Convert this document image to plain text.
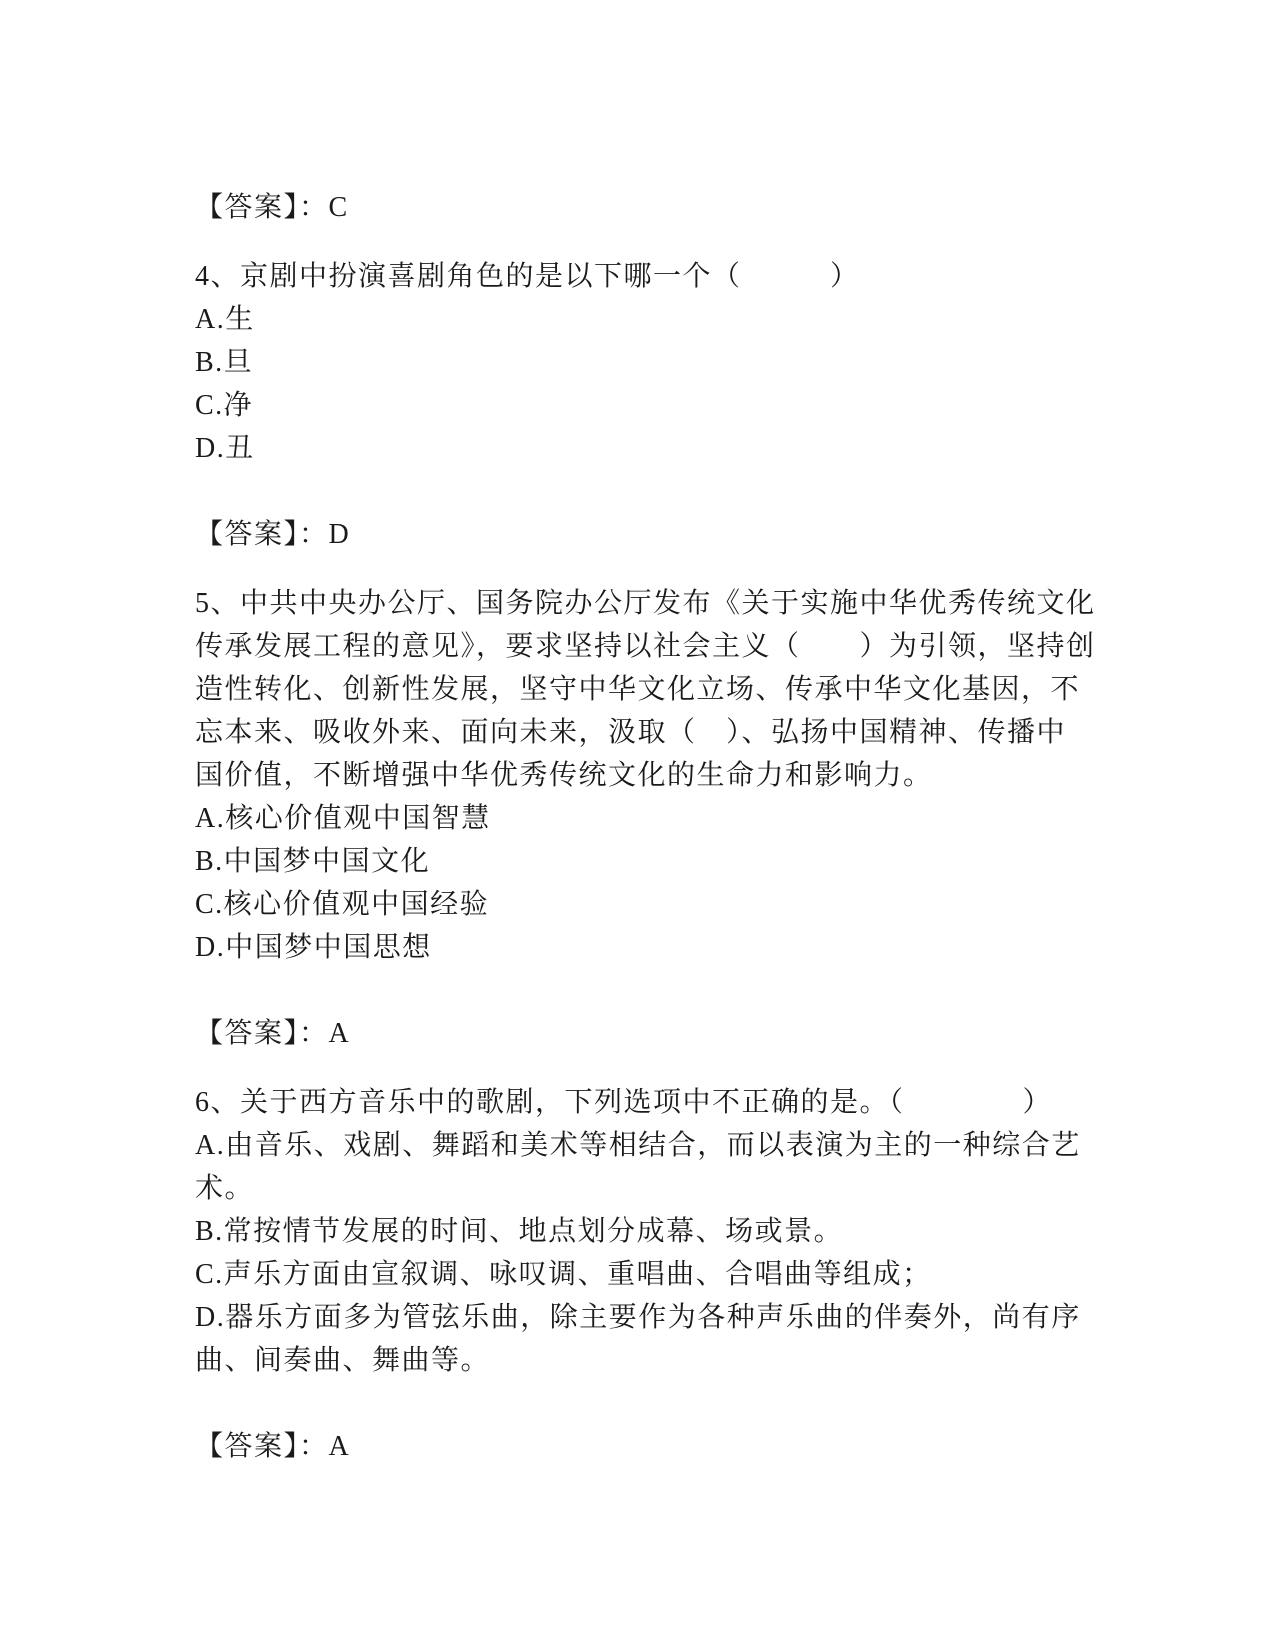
【答案】：C
4、京剧中扮演喜剧角色的是以下哪一个（　　　）
A.生
B.旦
C.净
D.丑
【答案】：D
5、中共中央办公厅、国务院办公厅发布《关于实施中华优秀传统文化
传承发展工程的意见》，要求坚持以社会主义（　　）为引领，坚持创
造性转化、创新性发展，坚守中华文化立场、传承中华文化基因，不
忘本来、吸收外来、面向未来，汲取（　）、弘扬中国精神、传播中
国价值，不断增强中华优秀传统文化的生命力和影响力。
A.核心价值观中国智慧
B.中国梦中国文化
C.核心价值观中国经验
D.中国梦中国思想
【答案】：A
6、关于西方音乐中的歌剧，下列选项中不正确的是。（　　　　）
A.由音乐、戏剧、舞蹈和美术等相结合，而以表演为主的一种综合艺
术。
B.常按情节发展的时间、地点划分成幕、场或景。
C.声乐方面由宣叙调、咏叹调、重唱曲、合唱曲等组成；
D.器乐方面多为管弦乐曲，除主要作为各种声乐曲的伴奏外，尚有序
曲、间奏曲、舞曲等。
【答案】：A
